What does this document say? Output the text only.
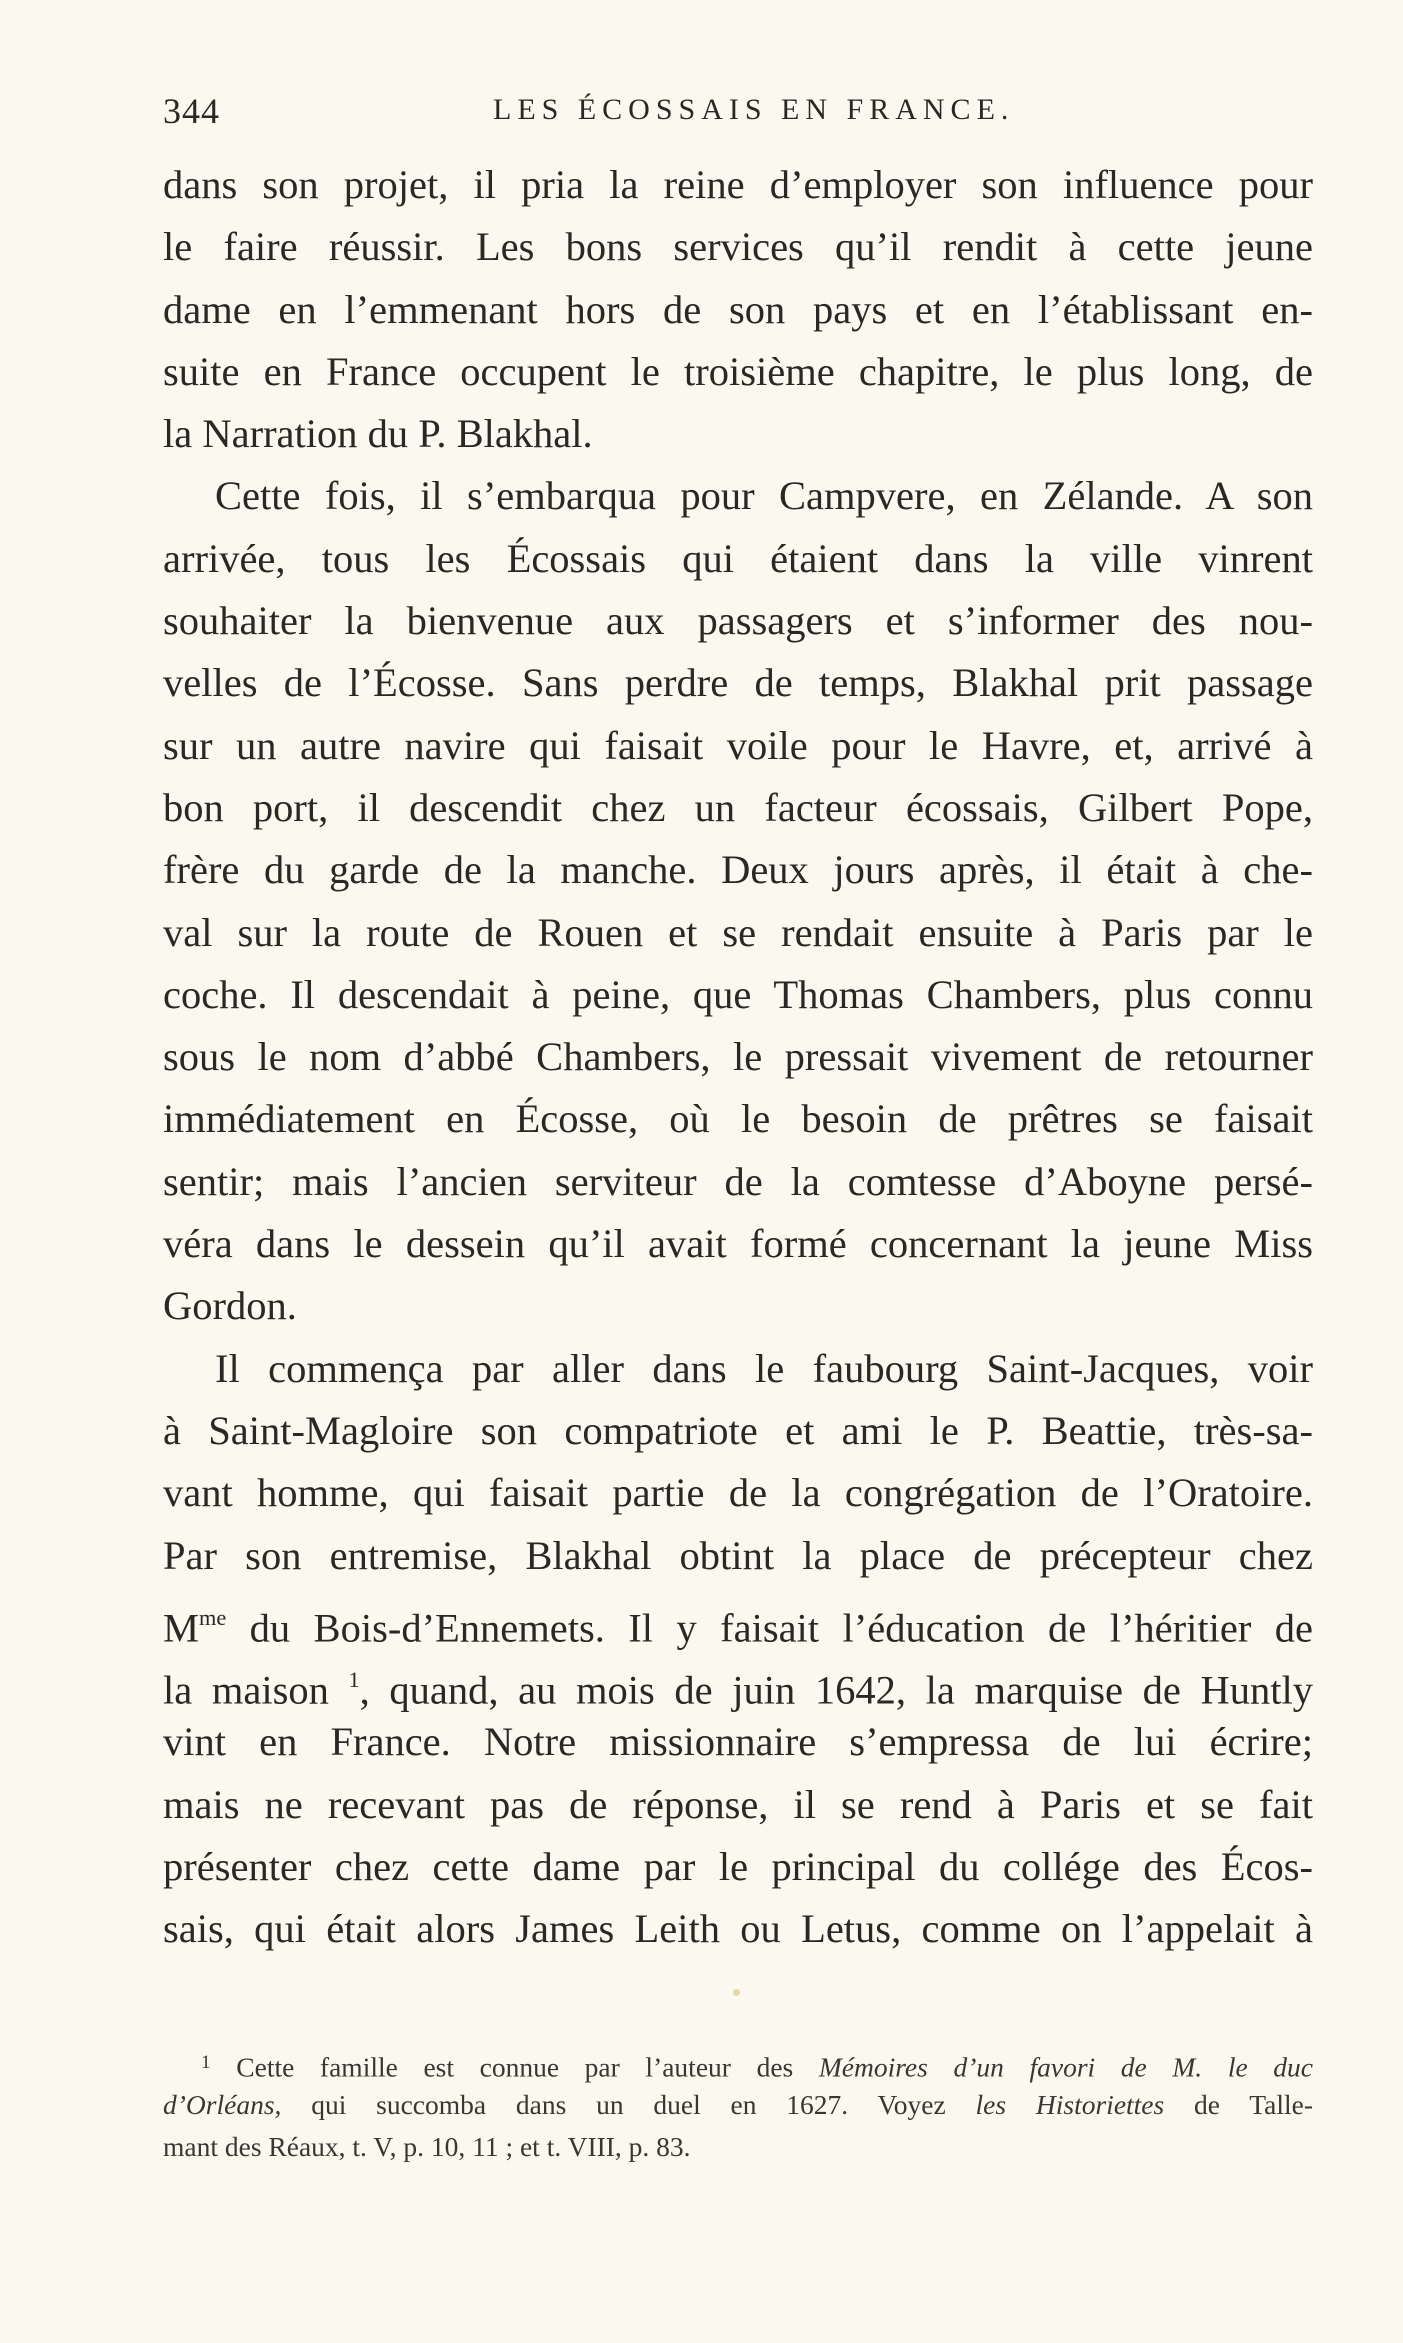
344	LES ÉCOSSAIS EN FRANCE.
dans son projet, il pria la reine d’employer son influence pour
le faire réussir. Les bons services qu’il rendit à cette jeune
dame en l’emmenant hors de son pays et en l’établissant en-
suite en France occupent le troisième chapitre, le plus long, de
la Narration du P. Blakhal.
Cette fois, il s’embarqua pour Campvere, en Zélande. A son
arrivée, tous les Écossais qui étaient dans la ville vinrent
souhaiter la bienvenue aux passagers et s’informer des nou-
velles de l’Écosse. Sans perdre de temps, Blakhal prit passage
sur un autre navire qui faisait voile pour le Havre, et, arrivé à
bon port, il descendit chez un facteur écossais, Gilbert Pope,
frère du garde de la manche. Deux jours après, il était à che-
val sur la route de Rouen et se rendait ensuite à Paris par le
coche. Il descendait à peine, que Thomas Chambers, plus connu
sous le nom d’abbé Chambers, le pressait vivement de retourner
immédiatement en Écosse, où le besoin de prêtres se faisait
sentir; mais l’ancien serviteur de la comtesse d’Aboyne persé-
véra dans le dessein qu’il avait formé concernant la jeune Miss
Gordon.
Il commença par aller dans le faubourg Saint-Jacques, voir
à Saint-Magloire son compatriote et ami le P. Beattie, très-sa-
vant homme, qui faisait partie de la congrégation de l’Oratoire.
Par son entremise, Blakhal obtint la place de précepteur chez
$M^{me}$ du Bois-d’Ennemets. Il y faisait l’éducation de l’héritier de
la maison $^1$, quand, au mois de juin 1642, la marquise de Huntly
vint en France. Notre missionnaire s’empressa de lui écrire;
mais ne recevant pas de réponse, il se rend à Paris et se fait
présenter chez cette dame par le principal du collége des Écos-
sais, qui était alors James Leith ou Letus, comme on l’appelait à
$^1$ Cette famille est connue par l’auteur des Mémoires d’un favori de M. le duc
d’Orléans, qui succomba dans un duel en 1627. Voyez les Historiettes de Talle-
mant des Réaux, t. V, p. 10, 11 ; et t. VIII, p. 83.
